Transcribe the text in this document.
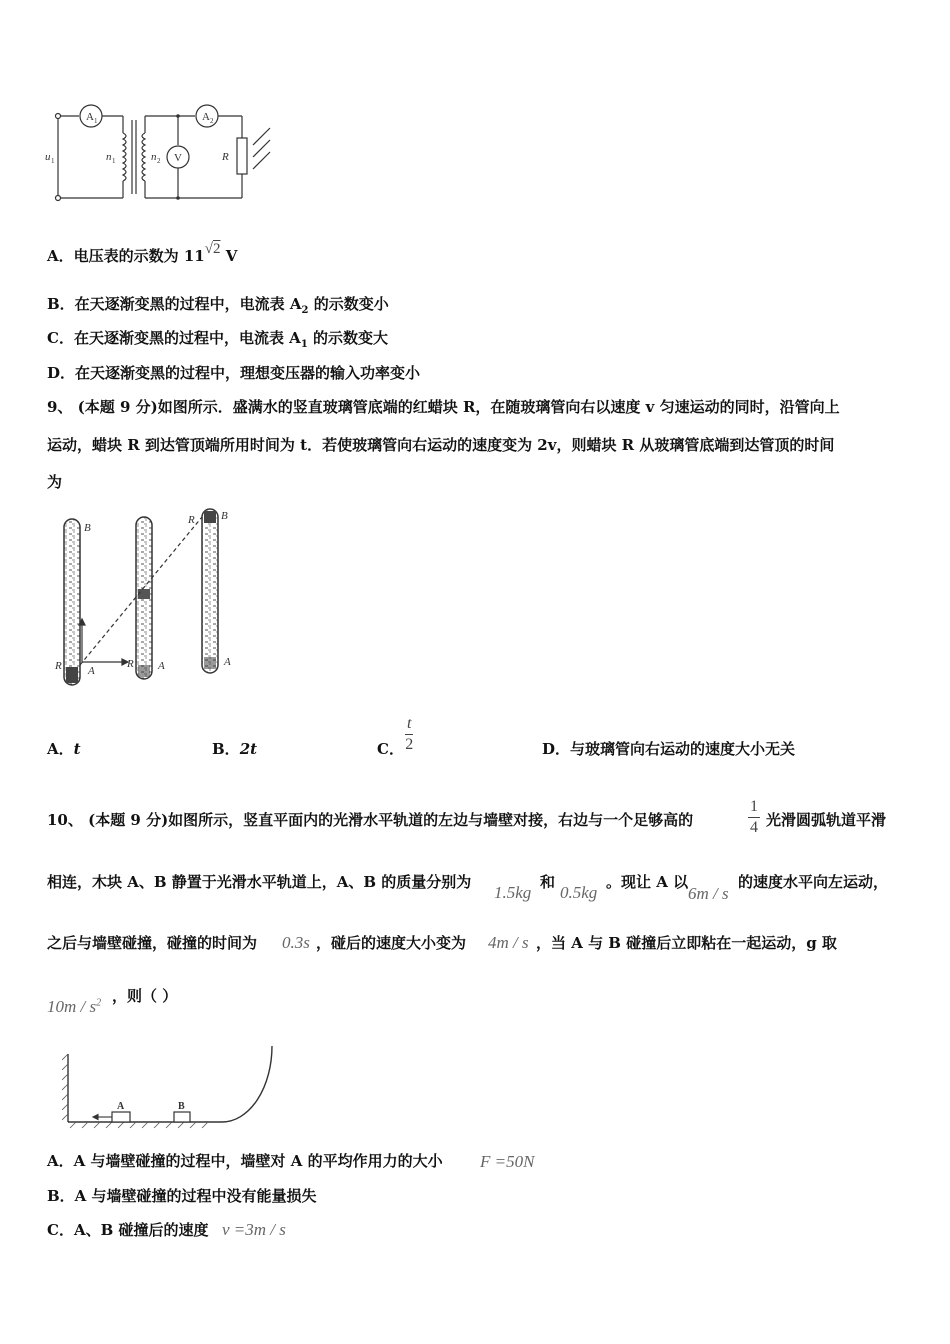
A 1	A 2
u 1	n 1	n 2 V	R
A．电压表的示数为 11√2 V
B．在天逐渐变黑的过程中，电流表 $A_2$ 的示数变小
C．在天逐渐变黑的过程中，电流表 $A_1$ 的示数变大
D．在天逐渐变黑的过程中，理想变压器的输入功率变小
9、 (本题 9 分)如图所示．盛满水的竖直玻璃管底端的红蜡块 R，在随玻璃管向右以速度 v 匀速运动的同时，沿管向上
运动，蜡块 R 到达管顶端所用时间为 t．若使玻璃管向右运动的速度变为 2v，则蜡块 R 从玻璃管底端到达管顶的时间
为
B
R A
R A
R B
A
A．t	B．2t	C． $\frac{t}{2}$	D．与玻璃管向右运动的速度大小无关
10、 (本题 9 分)如图所示，竖直平面内的光滑水平轨道的左边与墙壁对接，右边与一个足够高的	$\frac{1}{4}$ 光滑圆弧轨道平滑
相连，木块 A、B 静置于光滑水平轨道上，A、B 的质量分别为
1.5kg
和
0.5kg
。现让 A 以
6m / s
的速度水平向左运动，
之后与墙壁碰撞，碰撞的时间为 0.3s ，碰后的速度大小变为 4m / s ，当 A 与 B 碰撞后立即粘在一起运动，g 取
$10m / s^2$ ，则（ ）
A	B
A．A 与墙壁碰撞的过程中，墙壁对 A 的平均作用力的大小 F =50N
B．A 与墙壁碰撞的过程中没有能量损失
C．A、B 碰撞后的速度 v =3m / s
